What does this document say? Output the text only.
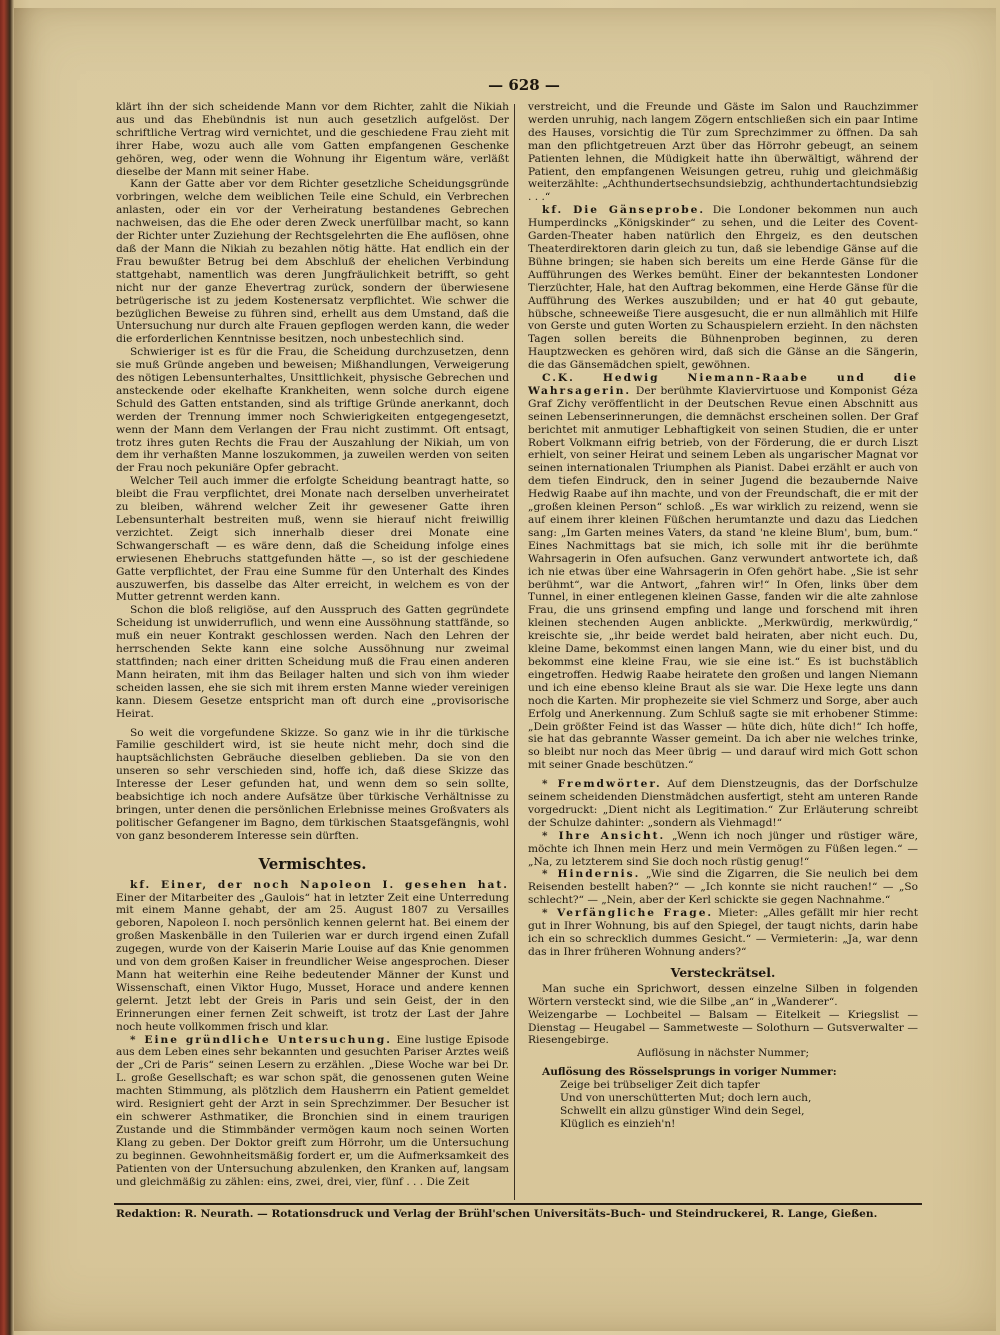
— 628 —

klärt ihn der sich scheidende Mann vor dem Richter, zahlt die Nikiah aus und das Ehebündnis ist nun auch gesetzlich aufgelöst. Der schriftliche Vertrag wird vernichtet, und die geschiedene Frau zieht mit ihrer Habe, wozu auch alle vom Gatten empfangenen Geschenke gehören, weg, oder wenn die Wohnung ihr Eigentum wäre, verläßt dieselbe der Mann mit seiner Habe.

Kann der Gatte aber vor dem Richter gesetzliche Scheidungsgründe vorbringen, welche dem weiblichen Teile eine Schuld, ein Verbrechen anlasten, oder ein vor der Verheiratung bestandenes Gebrechen nachweisen, das die Ehe oder deren Zweck unerfüllbar macht, so kann der Richter unter Zuziehung der Rechtsgelehrten die Ehe auflösen, ohne daß der Mann die Nikiah zu bezahlen nötig hätte. Hat endlich ein der Frau bewußter Betrug bei dem Abschluß der ehelichen Verbindung stattgehabt, namentlich was deren Jungfräulichkeit betrifft, so geht nicht nur der ganze Ehevertrag zurück, sondern der überwiesene betrügerische ist zu jedem Kostenersatz verpflichtet. Wie schwer die bezüglichen Beweise zu führen sind, erhellt aus dem Umstand, daß die Untersuchung nur durch alte Frauen gepflogen werden kann, die weder die erforderlichen Kenntnisse besitzen, noch unbestechlich sind.

Schwieriger ist es für die Frau, die Scheidung durchzusetzen, denn sie muß Gründe angeben und beweisen; Mißhandlungen, Verweigerung des nötigen Lebensunterhaltes, Unsittlichkeit, physische Gebrechen und ansteckende oder ekelhafte Krankheiten, wenn solche durch eigene Schuld des Gatten entstanden, sind als triftige Gründe anerkannt, doch werden der Trennung immer noch Schwierigkeiten entgegengesetzt, wenn der Mann dem Verlangen der Frau nicht zustimmt. Oft entsagt, trotz ihres guten Rechts die Frau der Auszahlung der Nikiah, um von dem ihr verhaßten Manne loszukommen, ja zuweilen werden von seiten der Frau noch pekuniäre Opfer gebracht.

Welcher Teil auch immer die erfolgte Scheidung beantragt hatte, so bleibt die Frau verpflichtet, drei Monate nach derselben unverheiratet zu bleiben, während welcher Zeit ihr gewesener Gatte ihren Lebensunterhalt bestreiten muß, wenn sie hierauf nicht freiwillig verzichtet. Zeigt sich innerhalb dieser drei Monate eine Schwangerschaft — es wäre denn, daß die Scheidung infolge eines erwiesenen Ehebruchs stattgefunden hätte —, so ist der geschiedene Gatte verpflichtet, der Frau eine Summe für den Unterhalt des Kindes auszuwerfen, bis dasselbe das Alter erreicht, in welchem es von der Mutter getrennt werden kann.

Schon die bloß religiöse, auf den Ausspruch des Gatten gegründete Scheidung ist unwiderruflich, und wenn eine Aussöhnung stattfände, so muß ein neuer Kontrakt geschlossen werden. Nach den Lehren der herrschenden Sekte kann eine solche Aussöhnung nur zweimal stattfinden; nach einer dritten Scheidung muß die Frau einen anderen Mann heiraten, mit ihm das Beilager halten und sich von ihm wieder scheiden lassen, ehe sie sich mit ihrem ersten Manne wieder vereinigen kann. Diesem Gesetze entspricht man oft durch eine „provisorische Heirat.

So weit die vorgefundene Skizze. So ganz wie in ihr die türkische Familie geschildert wird, ist sie heute nicht mehr, doch sind die hauptsächlichsten Gebräuche dieselben geblieben. Da sie von den unseren so sehr verschieden sind, hoffe ich, daß diese Skizze das Interesse der Leser gefunden hat, und wenn dem so sein sollte, beabsichtige ich noch andere Aufsätze über türkische Verhältnisse zu bringen, unter denen die persönlichen Erlebnisse meines Großvaters als politischer Gefangener im Bagno, dem türkischen Staatsgefängnis, wohl von ganz besonderem Interesse sein dürften.

Vermischtes.

kf. Einer, der noch Napoleon I. gesehen hat. Einer der Mitarbeiter des „Gaulois“ hat in letzter Zeit eine Unterredung mit einem Manne gehabt, der am 25. August 1807 zu Versailles geboren, Napoleon I. noch persönlich kennen gelernt hat. Bei einem der großen Maskenbälle in den Tuilerien war er durch irgend einen Zufall zugegen, wurde von der Kaiserin Marie Louise auf das Knie genommen und von dem großen Kaiser in freundlicher Weise angesprochen. Dieser Mann hat weiterhin eine Reihe bedeutender Männer der Kunst und Wissenschaft, einen Viktor Hugo, Musset, Horace und andere kennen gelernt. Jetzt lebt der Greis in Paris und sein Geist, der in den Erinnerungen einer fernen Zeit schweift, ist trotz der Last der Jahre noch heute vollkommen frisch und klar.

* Eine gründliche Untersuchung. Eine lustige Episode aus dem Leben eines sehr bekannten und gesuchten Pariser Arztes weiß der „Cri de Paris“ seinen Lesern zu erzählen. „Diese Woche war bei Dr. L. große Gesellschaft; es war schon spät, die genossenen guten Weine machten Stimmung, als plötzlich dem Hausherrn ein Patient gemeldet wird. Resigniert geht der Arzt in sein Sprechzimmer. Der Besucher ist ein schwerer Asthmatiker, die Bronchien sind in einem traurigen Zustande und die Stimmbänder vermögen kaum noch seinen Worten Klang zu geben. Der Doktor greift zum Hörrohr, um die Untersuchung zu beginnen. Gewohnheitsmäßig fordert er, um die Aufmerksamkeit des Patienten von der Untersuchung abzulenken, den Kranken auf, langsam und gleichmäßig zu zählen: eins, zwei, drei, vier, fünf . . . Die Zeit

verstreicht, und die Freunde und Gäste im Salon und Rauchzimmer werden unruhig, nach langem Zögern entschließen sich ein paar Intime des Hauses, vorsichtig die Tür zum Sprechzimmer zu öffnen. Da sah man den pflichtgetreuen Arzt über das Hörrohr gebeugt, an seinem Patienten lehnen, die Müdigkeit hatte ihn überwältigt, während der Patient, den empfangenen Weisungen getreu, ruhig und gleichmäßig weiterzählte: „Achthundertsechsundsiebzig, achthundertachtundsiebzig . . .“

kf. Die Gänseprobe. Die Londoner bekommen nun auch Humperdincks „Königskinder“ zu sehen, und die Leiter des Covent-Garden-Theater haben natürlich den Ehrgeiz, es den deutschen Theaterdirektoren darin gleich zu tun, daß sie lebendige Gänse auf die Bühne bringen; sie haben sich bereits um eine Herde Gänse für die Aufführungen des Werkes bemüht. Einer der bekanntesten Londoner Tierzüchter, Hale, hat den Auftrag bekommen, eine Herde Gänse für die Aufführung des Werkes auszubilden; und er hat 40 gut gebaute, hübsche, schneeweiße Tiere ausgesucht, die er nun allmählich mit Hilfe von Gerste und guten Worten zu Schauspielern erzieht. In den nächsten Tagen sollen bereits die Bühnenproben beginnen, zu deren Hauptzwecken es gehören wird, daß sich die Gänse an die Sängerin, die das Gänsemädchen spielt, gewöhnen.

C.K. Hedwig Niemann-Raabe und die Wahrsagerin. Der berühmte Klaviervirtuose und Komponist Géza Graf Zichy veröffentlicht in der Deutschen Revue einen Abschnitt aus seinen Lebenserinnerungen, die demnächst erscheinen sollen. Der Graf berichtet mit anmutiger Lebhaftigkeit von seinen Studien, die er unter Robert Volkmann eifrig betrieb, von der Förderung, die er durch Liszt erhielt, von seiner Heirat und seinem Leben als ungarischer Magnat vor seinen internationalen Triumphen als Pianist. Dabei erzählt er auch von dem tiefen Eindruck, den in seiner Jugend die bezaubernde Naive Hedwig Raabe auf ihn machte, und von der Freundschaft, die er mit der „großen kleinen Person“ schloß. „Es war wirklich zu reizend, wenn sie auf einem ihrer kleinen Füßchen herumtanzte und dazu das Liedchen sang: „Im Garten meines Vaters, da stand 'ne kleine Blum', bum, bum.“ Eines Nachmittags bat sie mich, ich solle mit ihr die berühmte Wahrsagerin in Ofen aufsuchen. Ganz verwundert antwortete ich, daß ich nie etwas über eine Wahrsagerin in Ofen gehört habe. „Sie ist sehr berühmt“, war die Antwort, „fahren wir!“ In Ofen, links über dem Tunnel, in einer entlegenen kleinen Gasse, fanden wir die alte zahnlose Frau, die uns grinsend empfing und lange und forschend mit ihren kleinen stechenden Augen anblickte. „Merkwürdig, merkwürdig,“ kreischte sie, „ihr beide werdet bald heiraten, aber nicht euch. Du, kleine Dame, bekommst einen langen Mann, wie du einer bist, und du bekommst eine kleine Frau, wie sie eine ist.“ Es ist buchstäblich eingetroffen. Hedwig Raabe heiratete den großen und langen Niemann und ich eine ebenso kleine Braut als sie war. Die Hexe legte uns dann noch die Karten. Mir prophezeite sie viel Schmerz und Sorge, aber auch Erfolg und Anerkennung. Zum Schluß sagte sie mit erhobener Stimme: „Dein größter Feind ist das Wasser — hüte dich, hüte dich!“ Ich hoffe, sie hat das gebrannte Wasser gemeint. Da ich aber nie welches trinke, so bleibt nur noch das Meer übrig — und darauf wird mich Gott schon mit seiner Gnade beschützen.“

* Fremdwörter. Auf dem Dienstzeugnis, das der Dorfschulze seinem scheidenden Dienstmädchen ausfertigt, steht am unteren Rande vorgedruckt: „Dient nicht als Legitimation.“ Zur Erläuterung schreibt der Schulze dahinter: „sondern als Viehmagd!“

* Ihre Ansicht. „Wenn ich noch jünger und rüstiger wäre, möchte ich Ihnen mein Herz und mein Vermögen zu Füßen legen.“ — „Na, zu letzterem sind Sie doch noch rüstig genug!“

* Hindernis. „Wie sind die Zigarren, die Sie neulich bei dem Reisenden bestellt haben?“ — „Ich konnte sie nicht rauchen!“ — „So schlecht?“ — „Nein, aber der Kerl schickte sie gegen Nachnahme.“

* Verfängliche Frage. Mieter: „Alles gefällt mir hier recht gut in Ihrer Wohnung, bis auf den Spiegel, der taugt nichts, darin habe ich ein so schrecklich dummes Gesicht.“ — Vermieterin: „Ja, war denn das in Ihrer früheren Wohnung anders?“

Versteckrätsel.

Man suche ein Sprichwort, dessen einzelne Silben in folgenden Wörtern versteckt sind, wie die Silbe „an“ in „Wanderer“.

Weizengarbe — Lochbeitel — Balsam — Eitelkeit — Kriegslist — Dienstag — Heugabel — Sammetweste — Solothurn — Gutsverwalter — Riesengebirge.

Auflösung in nächster Nummer;

Auflösung des Rösselsprungs in voriger Nummer:

Zeige bei trübseliger Zeit dich tapfer

Und von unerschütterten Mut; doch lern auch,

Schwellt ein allzu günstiger Wind dein Segel,

Klüglich es einzieh'n!

Redaktion: R. Neurath. — Rotationsdruck und Verlag der Brühl'schen Universitäts-Buch- und Steindruckerei, R. Lange, Gießen.
